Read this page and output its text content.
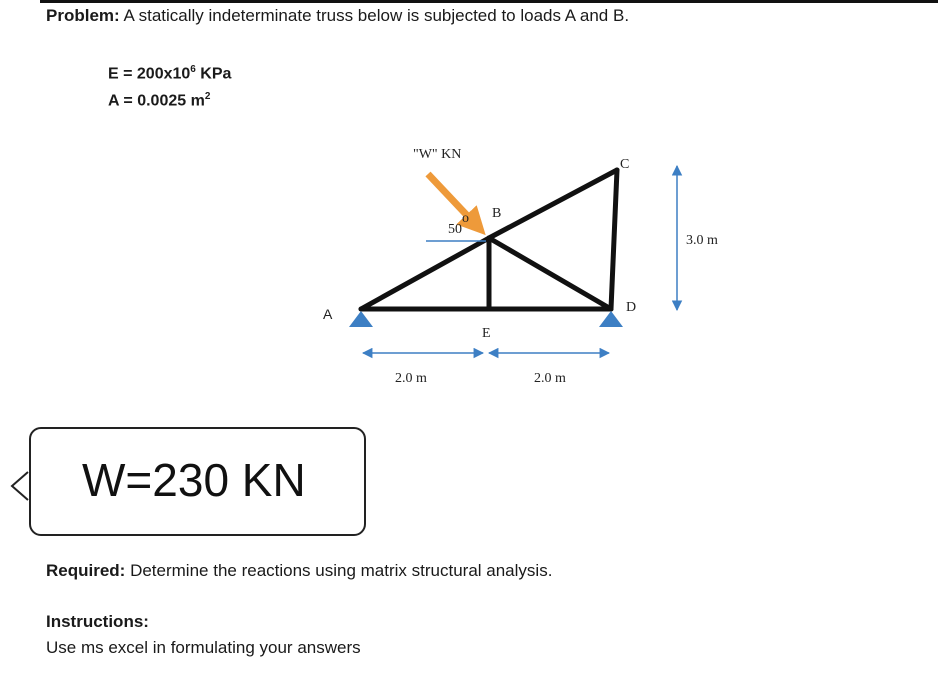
Problem: A statically indeterminate truss below is subjected to loads A and B.
$E = 200x10^6$ KPa
A = 0.0025 $m^2$
"W" KN
50
o
A
B
C
D
E
2.0 m	2.0 m
3.0 m
W=230 KN
Required: Determine the reactions using matrix structural analysis.
Instructions:
Use ms excel in formulating your answers
